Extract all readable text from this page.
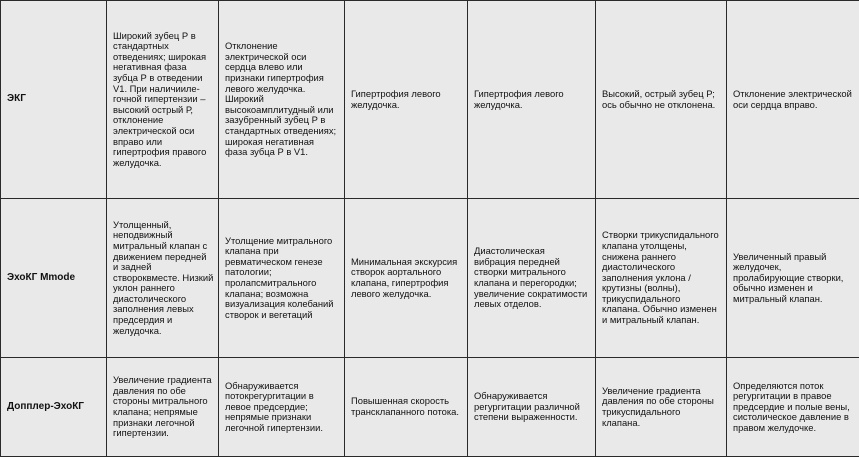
ЭКГ	Широкий зубец Р в стандартных отведениях; широкая негативная фаза зубца Р в отведении V1. При наличиилегочной гипертензии – высокий острый Р, отклонение электрической оси вправо или гипертрофия правого желудочка.	Отклонение электрической оси сердца влево или признаки гипертрофия левого желудочка. Широкий высокоамплитудный или зазубренный зубец Р в стандартных отведениях; широкая негативная фаза зубца Р в V1.	Гипертрофия левого желудочка.	Гипертрофия левого желудочка.	Высокий, острый зубец Р; ось обычно не отклонена.	Отклонение электрической оси сердца вправо.
ЭхоКГ Mmode	Утолщенный, неподвижный митральный клапан с движением передней и задней створоквместе. Низкий уклон раннего диастолического заполнения левых предсердия и желудочка.	Утолщение митрального клапана при ревматическом генезе патологии; пролапсмитрального клапана; возможна визуализация колебаний створок и вегетаций	Минимальная экскурсия створок аортального клапана, гипертрофия левого желудочка.	Диастолическая вибрация передней створки митрального клапана и перегородки; увеличение сократимости левых отделов.	Створки трикуспидального клапана утолщены, снижена раннего диастолического заполнения уклона / крутизны (волны), трикуспидального клапана. Обычно изменен и митральный клапан.	Увеличенный правый желудочек, пролабирующие створки, обычно изменен и митральный клапан.
Допплер-ЭхоКГ	Увеличение градиента давления по обе стороны митрального клапана; непрямые признаки легочной гипертензии.	Обнаруживается потокрегургитации в левое предсердие; непрямые признаки легочной гипертензии.	Повышенная скорость трансклапанного потока.	Обнаруживается регургитации различной степени выраженности.	Увеличение градиента давления по обе стороны трикуспидального клапана.	Определяются поток регургитации в правое предсердие и полые вены, систолическое давление в правом желудочке.
